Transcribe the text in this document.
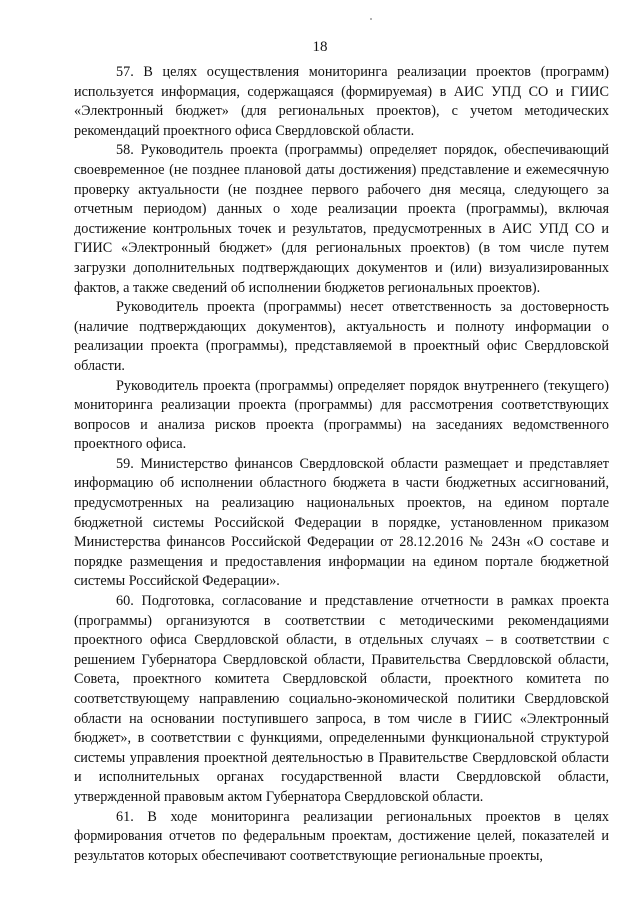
18

57. В целях осуществления мониторинга реализации проектов (программ) используется информация, содержащаяся (формируемая) в АИС УПД СО и ГИИС «Электронный бюджет» (для региональных проектов), с учетом методических рекомендаций проектного офиса Свердловской области.

58. Руководитель проекта (программы) определяет порядок, обеспечивающий своевременное (не позднее плановой даты достижения) представление и ежемесячную проверку актуальности (не позднее первого рабочего дня месяца, следующего за отчетным периодом) данных о ходе реализации проекта (программы), включая достижение контрольных точек и результатов, предусмотренных в АИС УПД СО и ГИИС «Электронный бюджет» (для региональных проектов) (в том числе путем загрузки дополнительных подтверждающих документов и (или) визуализированных фактов, а также сведений об исполнении бюджетов региональных проектов).

Руководитель проекта (программы) несет ответственность за достоверность (наличие подтверждающих документов), актуальность и полноту информации о реализации проекта (программы), представляемой в проектный офис Свердловской области.

Руководитель проекта (программы) определяет порядок внутреннего (текущего) мониторинга реализации проекта (программы) для рассмотрения соответствующих вопросов и анализа рисков проекта (программы) на заседаниях ведомственного проектного офиса.

59. Министерство финансов Свердловской области размещает и представляет информацию об исполнении областного бюджета в части бюджетных ассигнований, предусмотренных на реализацию национальных проектов, на едином портале бюджетной системы Российской Федерации в порядке, установленном приказом Министерства финансов Российской Федерации от 28.12.2016 № 243н «О составе и порядке размещения и предоставления информации на едином портале бюджетной системы Российской Федерации».

60. Подготовка, согласование и представление отчетности в рамках проекта (программы) организуются в соответствии с методическими рекомендациями проектного офиса Свердловской области, в отдельных случаях – в соответствии с решением Губернатора Свердловской области, Правительства Свердловской области, Совета, проектного комитета Свердловской области, проектного комитета по соответствующему направлению социально-экономической политики Свердловской области на основании поступившего запроса, в том числе в ГИИС «Электронный бюджет», в соответствии с функциями, определенными функциональной структурой системы управления проектной деятельностью в Правительстве Свердловской области и исполнительных органах государственной власти Свердловской области, утвержденной правовым актом Губернатора Свердловской области.

61. В ходе мониторинга реализации региональных проектов в целях формирования отчетов по федеральным проектам, достижение целей, показателей и результатов которых обеспечивают соответствующие региональные проекты,
